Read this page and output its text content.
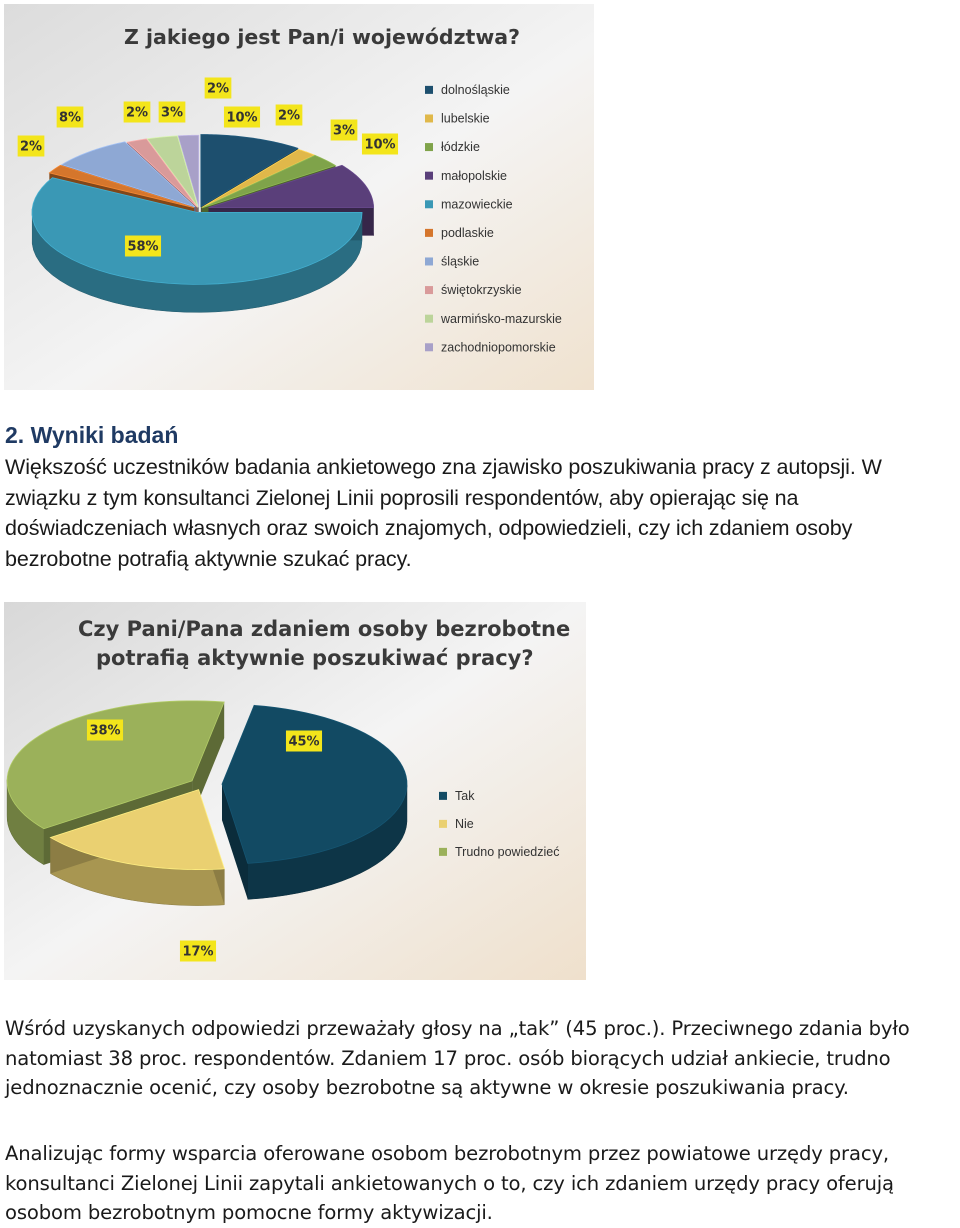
Z jakiego jest Pan/i województwa?
10% 2%
3%
10%
58%
2%
8%	2% 3%
2%	dolnośląskie
lubelskie
łódzkie
małopolskie
mazowieckie
podlaskie
śląskie
świętokrzyskie
warmińsko-mazurskie
zachodniopomorskie
2. Wyniki badań
Większość uczestników badania ankietowego zna zjawisko poszukiwania pracy z autopsji. W związku z tym konsultanci Zielonej Linii poprosili respondentów, aby opierając się na doświadczeniach własnych oraz swoich znajomych, odpowiedzieli, czy ich zdaniem osoby bezrobotne potrafią aktywnie szukać pracy.
Czy Pani/Pana zdaniem osoby bezrobotne
potrafią aktywnie poszukiwać pracy?
45%
17%
38%
Tak
Nie
Trudno powiedzieć
Wśród uzyskanych odpowiedzi przeważały głosy na „tak” (45 proc.). Przeciwnego zdania było natomiast 38 proc. respondentów. Zdaniem 17 proc. osób biorących udział ankiecie, trudno jednoznacznie ocenić, czy osoby bezrobotne są aktywne w okresie poszukiwania pracy.
Analizując formy wsparcia oferowane osobom bezrobotnym przez powiatowe urzędy pracy, konsultanci Zielonej Linii zapytali ankietowanych o to, czy ich zdaniem urzędy pracy oferują osobom bezrobotnym pomocne formy aktywizacji.
